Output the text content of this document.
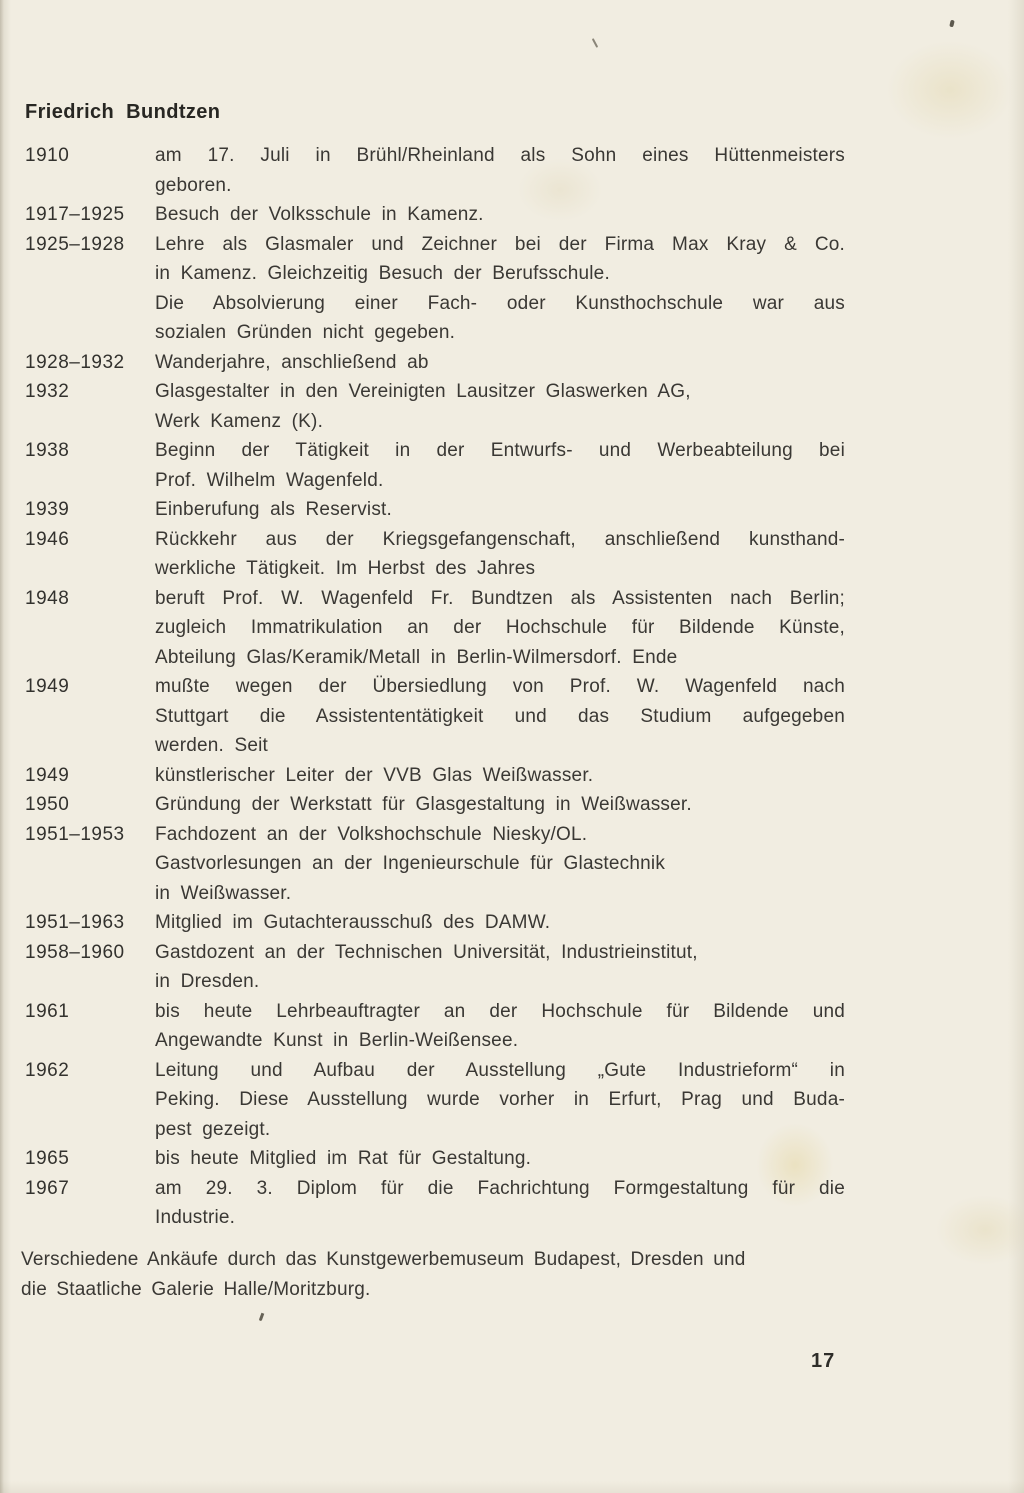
Friedrich Bundtzen
1910	am 17. Juli in Brühl/Rheinland als Sohn eines Hüttenmeisters
geboren.
1917–1925	Besuch der Volksschule in Kamenz.
1925–1928	Lehre als Glasmaler und Zeichner bei der Firma Max Kray & Co.
in Kamenz. Gleichzeitig Besuch der Berufsschule.
Die Absolvierung einer Fach- oder Kunsthochschule war aus
sozialen Gründen nicht gegeben.
1928–1932	Wanderjahre, anschließend ab
1932	Glasgestalter in den Vereinigten Lausitzer Glaswerken AG,
Werk Kamenz (K).
1938	Beginn der Tätigkeit in der Entwurfs- und Werbeabteilung bei
Prof. Wilhelm Wagenfeld.
1939	Einberufung als Reservist.
1946	Rückkehr aus der Kriegsgefangenschaft, anschließend kunsthand-
werkliche Tätigkeit. Im Herbst des Jahres
1948	beruft Prof. W. Wagenfeld Fr. Bundtzen als Assistenten nach Berlin;
zugleich Immatrikulation an der Hochschule für Bildende Künste,
Abteilung Glas/Keramik/Metall in Berlin-Wilmersdorf. Ende
1949	mußte wegen der Übersiedlung von Prof. W. Wagenfeld nach
Stuttgart die Assistententätigkeit und das Studium aufgegeben
werden. Seit
1949	künstlerischer Leiter der VVB Glas Weißwasser.
1950	Gründung der Werkstatt für Glasgestaltung in Weißwasser.
1951–1953	Fachdozent an der Volkshochschule Niesky/OL.
Gastvorlesungen an der Ingenieurschule für Glastechnik
in Weißwasser.
1951–1963	Mitglied im Gutachterausschuß des DAMW.
1958–1960	Gastdozent an der Technischen Universität, Industrieinstitut,
in Dresden.
1961	bis heute Lehrbeauftragter an der Hochschule für Bildende und
Angewandte Kunst in Berlin-Weißensee.
1962	Leitung und Aufbau der Ausstellung „Gute Industrieform“ in
Peking. Diese Ausstellung wurde vorher in Erfurt, Prag und Buda-
pest gezeigt.
1965	bis heute Mitglied im Rat für Gestaltung.
1967	am 29. 3. Diplom für die Fachrichtung Formgestaltung für die
Industrie.
Verschiedene Ankäufe durch das Kunstgewerbemuseum Budapest, Dresden und
die Staatliche Galerie Halle/Moritzburg.
17
